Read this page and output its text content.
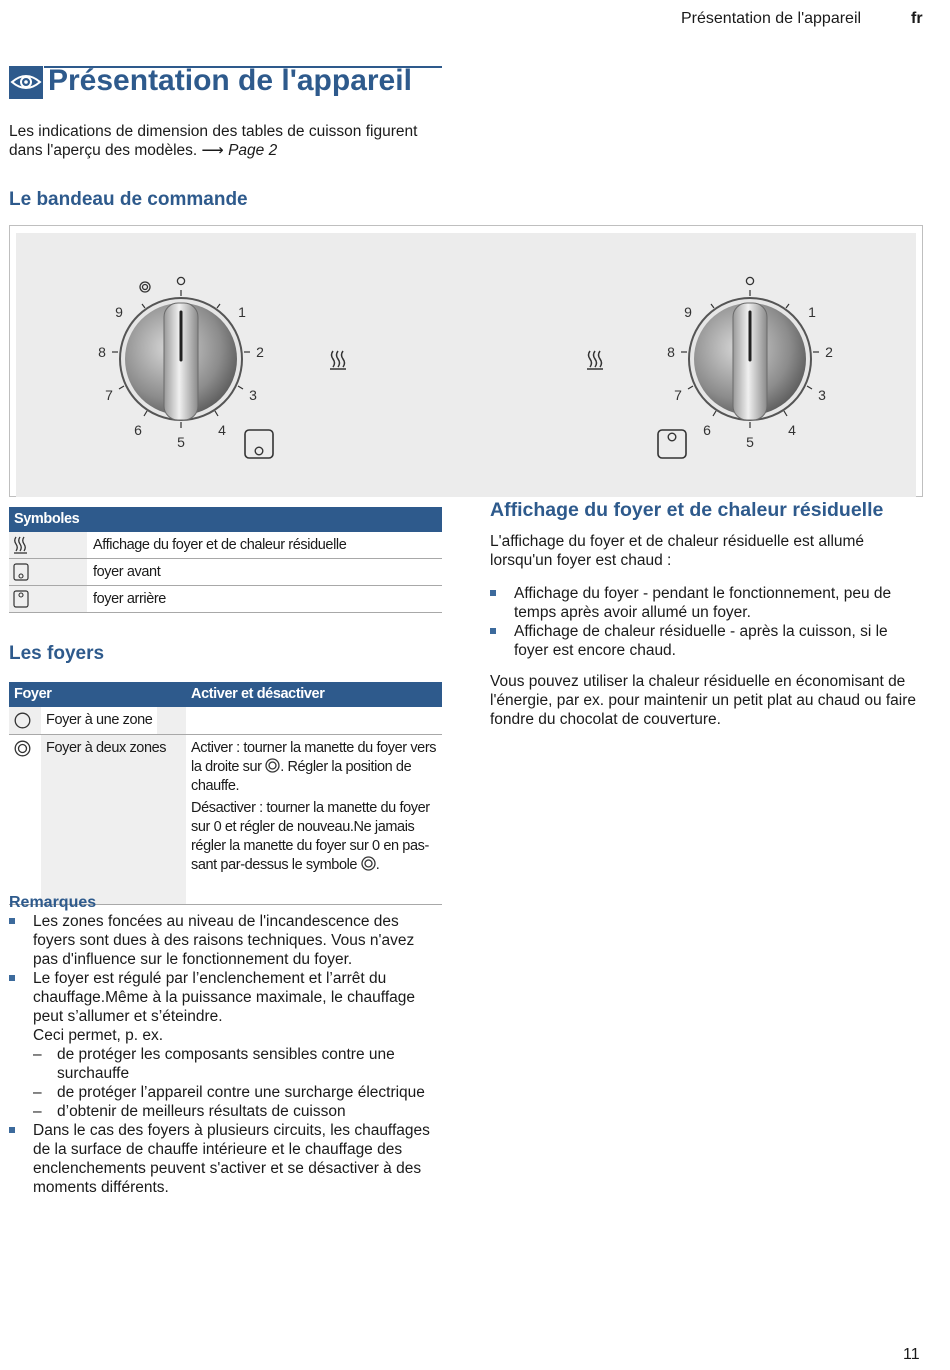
Présentation de l'appareil	fr
Présentation de l'appareil
Les indications de dimension des tables de cuisson figurent dans l'aperçu des modèles. ⟶ Page 2
Le bandeau de commande
1
2
3
4
5
6
7
8
9	1
2
3
4
5
6
7
8
9
Symboles
Affichage du foyer et de chaleur résiduelle
foyer avant
foyer arrière
Les foyers
Foyer	Activer et désactiver
Foyer à une zone
Foyer à deux zones	Activer : tourner la manette du foyer vers la droite sur . Régler la position de chauffe.
Désactiver : tourner la manette du foyer sur 0 et régler de nouveau.Ne jamais régler la manette du foyer sur 0 en pas-sant par-dessus le symbole .
Remarques
Les zones foncées au niveau de l'incandescence des foyers sont dues à des raisons techniques. Vous n'avez pas d'influence sur le fonctionnement du foyer.
Le foyer est régulé par l’enclenchement et l’arrêt du chauffage.Même à la puissance maximale, le chauffage peut s’allumer et s’éteindre.
Ceci permet, p. ex.
– de protéger les composants sensibles contre une surchauffe
– de protéger l’appareil contre une surcharge électrique
– d’obtenir de meilleurs résultats de cuisson
Dans le cas des foyers à plusieurs circuits, les chauffages de la surface de chauffe intérieure et le chauffage des enclenchements peuvent s'activer et se désactiver à des moments différents.
Affichage du foyer et de chaleur résiduelle
L'affichage du foyer et de chaleur résiduelle est allumé lorsqu'un foyer est chaud :
Affichage du foyer - pendant le fonctionnement, peu de temps après avoir allumé un foyer.
Affichage de chaleur résiduelle - après la cuisson, si le foyer est encore chaud.
Vous pouvez utiliser la chaleur résiduelle en économisant de l'énergie, par ex. pour maintenir un petit plat au chaud ou faire fondre du chocolat de couverture.
11
